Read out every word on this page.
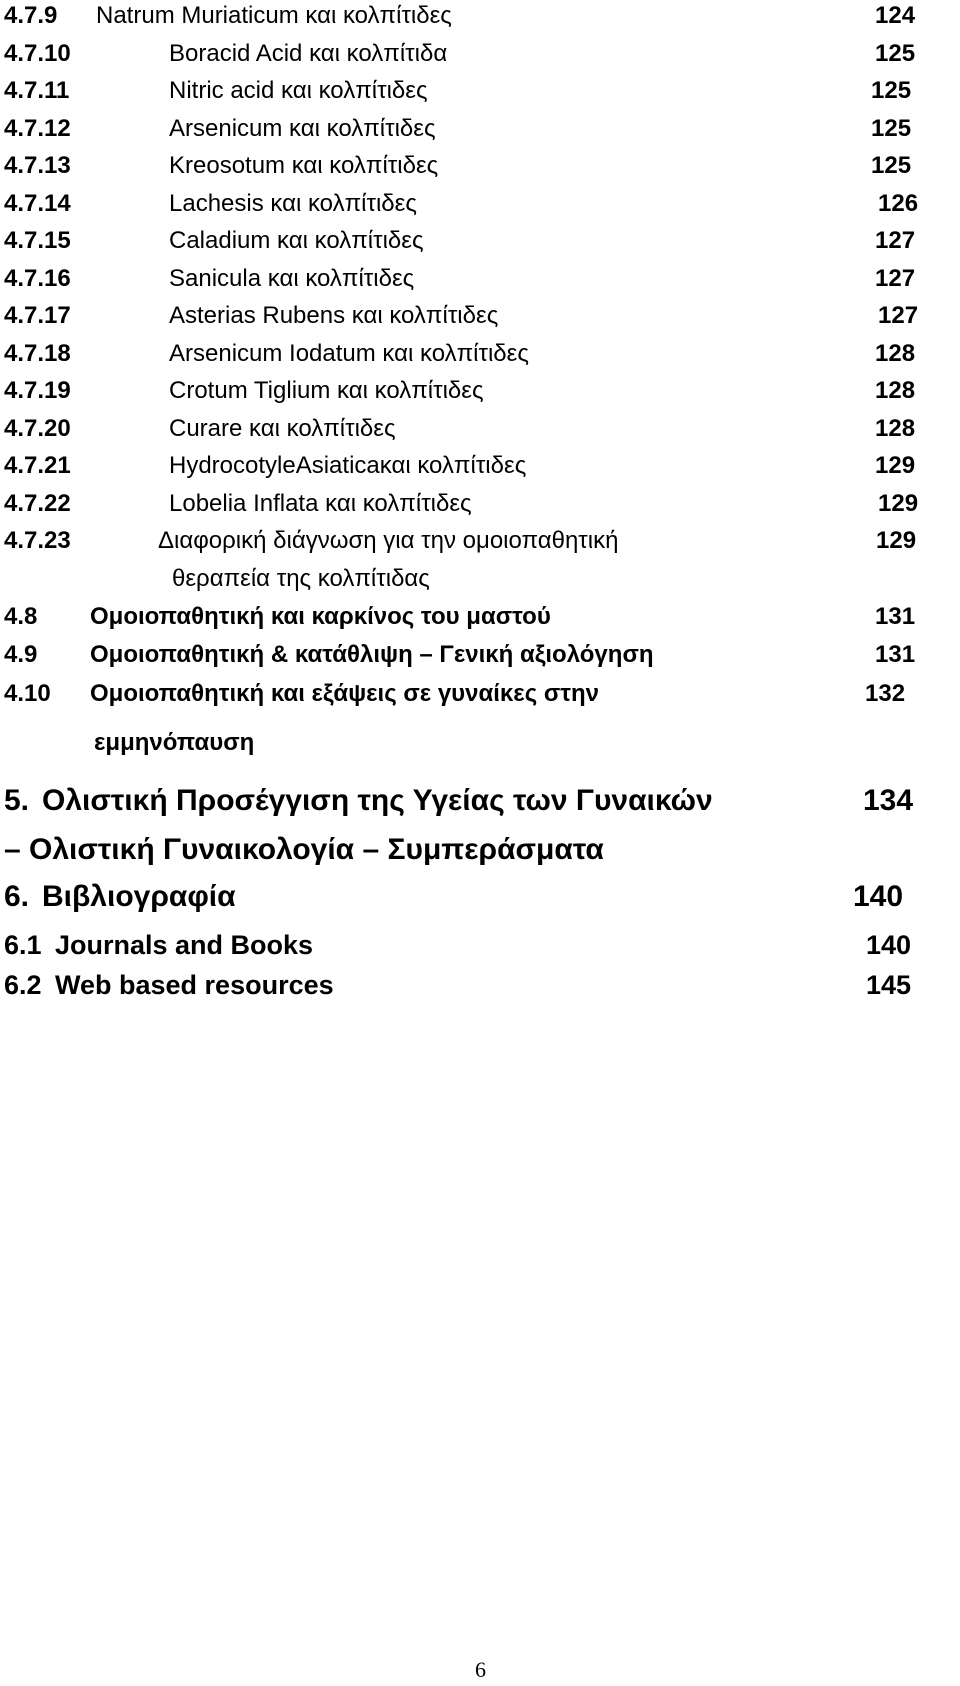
4.7.9 Natrum Muriaticum και κολπίτιδες	124
4.7.10	Boracid Acid και κολπίτιδα	125
4.7.11	Nitric acid και κολπίτιδες	125
4.7.12	Arsenicum και κολπίτιδες	125
4.7.13	Kreosotum και κολπίτιδες	125
4.7.14	Lachesis και κολπίτιδες	126
4.7.15	Caladium και κολπίτιδες	127
4.7.16	Sanicula και κολπίτιδες	127
4.7.17	Asterias Rubens και κολπίτιδες	127
4.7.18	Arsenicum Iodatum και κολπίτιδες	128
4.7.19	Crotum Tiglium και κολπίτιδες	128
4.7.20	Curare και κολπίτιδες	128
4.7.21	HydrocotyleAsiaticaκαι κολπίτιδες	129
4.7.22	Lobelia Inflata και κολπίτιδες	129
4.7.23	Διαφορική διάγνωση για την ομοιοπαθητική	129
θεραπεία της κολπίτιδας
4.8 Ομοιοπαθητική και καρκίνος του μαστού	131
4.9 Ομοιοπαθητική & κατάθλιψη – Γενική αξιολόγηση	131
4.10 Ομοιοπαθητική και εξάψεις σε γυναίκες στην	132
εμμηνόπαυση
5. Ολιστική Προσέγγιση της Υγείας των Γυναικών	134
– Ολιστική Γυναικολογία – Συμπεράσματα
6. Βιβλιογραφία	140
6.1 Journals and Books	140
6.2 Web based resources	145
6
